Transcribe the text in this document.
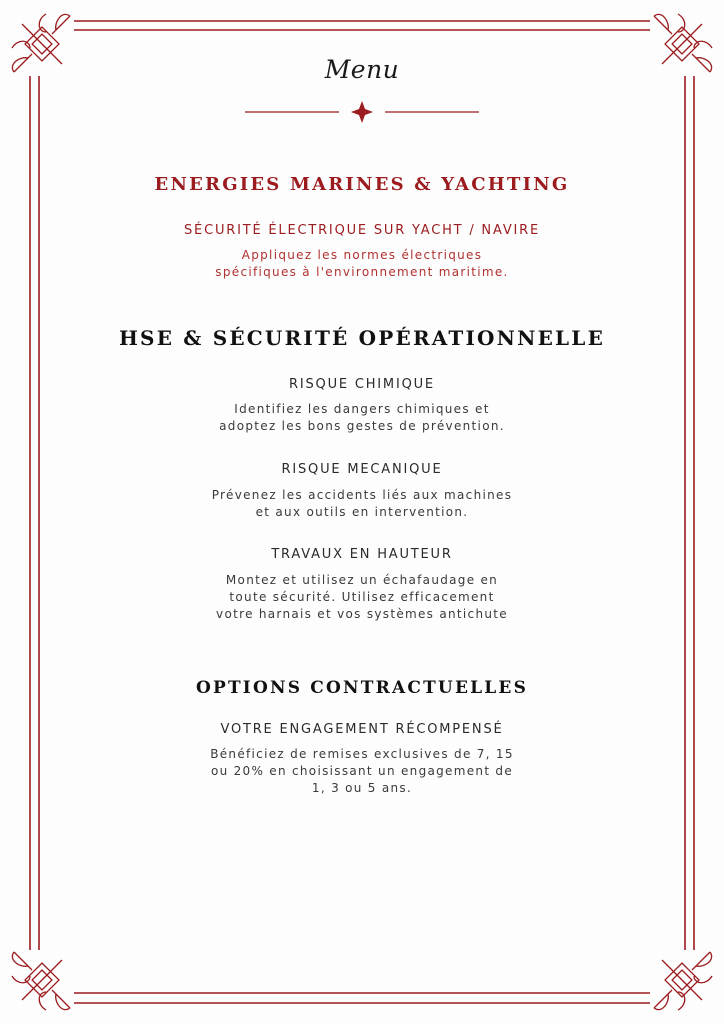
Menu
ENERGIES MARINES & YACHTING
SÉCURITÉ ÉLECTRIQUE SUR YACHT / NAVIRE
Appliquez les normes électriques
spécifiques à l'environnement maritime.
HSE & SÉCURITÉ OPÉRATIONNELLE
RISQUE CHIMIQUE
Identifiez les dangers chimiques et
adoptez les bons gestes de prévention.
RISQUE MECANIQUE
Prévenez les accidents liés aux machines
et aux outils en intervention.
TRAVAUX EN HAUTEUR
Montez et utilisez un échafaudage en
toute sécurité. Utilisez efficacement
votre harnais et vos systèmes antichute
OPTIONS CONTRACTUELLES
VOTRE ENGAGEMENT RÉCOMPENSÉ
Bénéficiez de remises exclusives de 7, 15
ou 20% en choisissant un engagement de
1, 3 ou 5 ans.
